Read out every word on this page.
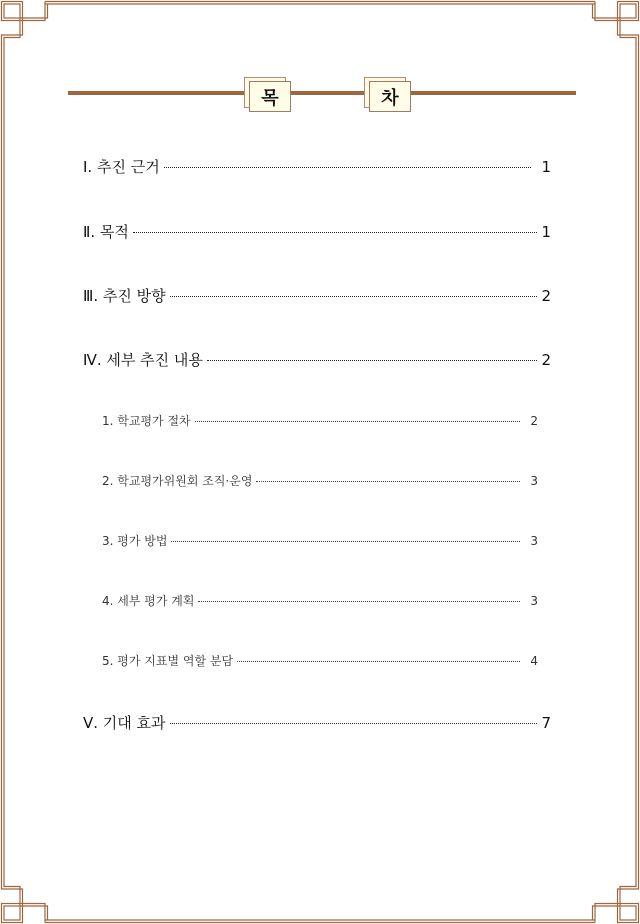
목	차
Ⅰ. 추진 근거	1
Ⅱ. 목적	1
Ⅲ. 추진 방향	2
Ⅳ. 세부 추진 내용	2
1. 학교평가 절차	2
2. 학교평가위원회 조직·운영	3
3. 평가 방법	3
4. 세부 평가 계획	3
5. 평가 지표별 역할 분담	4
Ⅴ. 기대 효과	7
